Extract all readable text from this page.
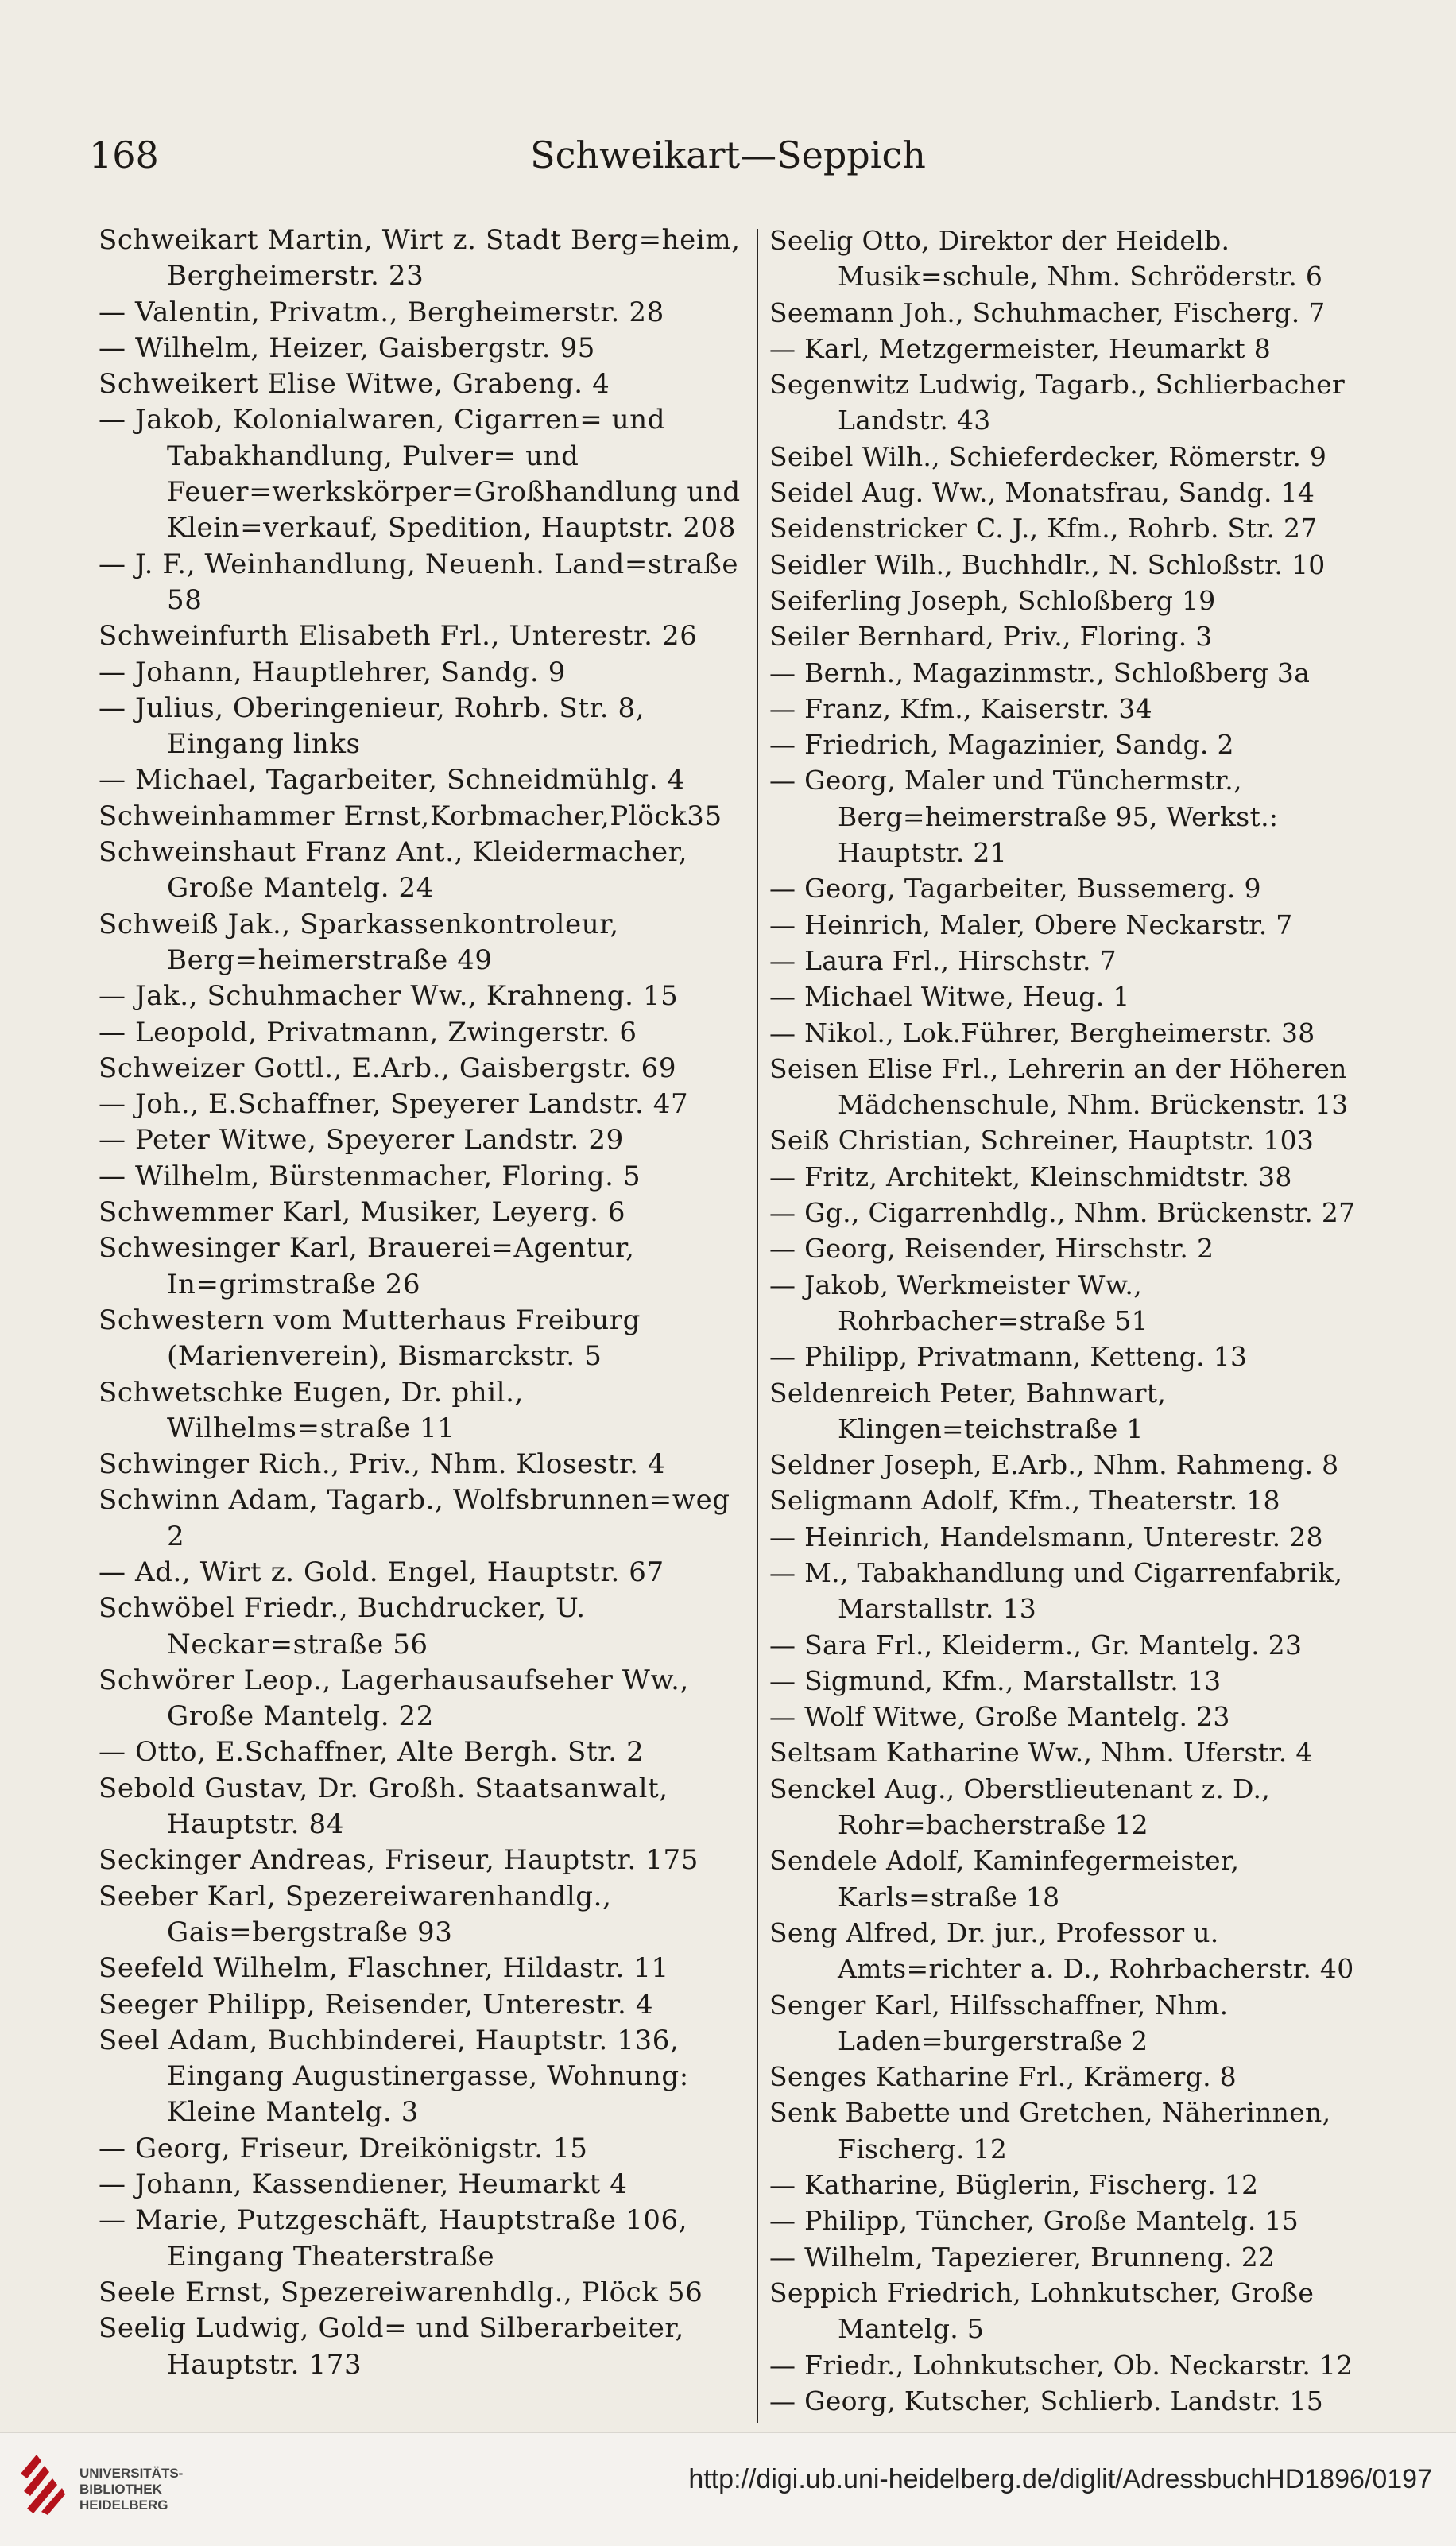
168	Schweikart—Seppich
Schweikart Martin, Wirt z. Stadt Berg=heim, Bergheimerstr. 23
— Valentin, Privatm., Bergheimerstr. 28
— Wilhelm, Heizer, Gaisbergstr. 95
Schweikert Elise Witwe, Grabeng. 4
— Jakob, Kolonialwaren, Cigarren= und Tabakhandlung, Pulver= und Feuer=werkskörper=Großhandlung und Klein=verkauf, Spedition, Hauptstr. 208
— J. F., Weinhandlung, Neuenh. Land=straße 58
Schweinfurth Elisabeth Frl., Unterestr. 26
— Johann, Hauptlehrer, Sandg. 9
— Julius, Oberingenieur, Rohrb. Str. 8, Eingang links
— Michael, Tagarbeiter, Schneidmühlg. 4
Schweinhammer Ernst,Korbmacher,Plöck35
Schweinshaut Franz Ant., Kleidermacher, Große Mantelg. 24
Schweiß Jak., Sparkassenkontroleur, Berg=heimerstraße 49
— Jak., Schuhmacher Ww., Krahneng. 15
— Leopold, Privatmann, Zwingerstr. 6
Schweizer Gottl., E.Arb., Gaisbergstr. 69
— Joh., E.Schaffner, Speyerer Landstr. 47
— Peter Witwe, Speyerer Landstr. 29
— Wilhelm, Bürstenmacher, Floring. 5
Schwemmer Karl, Musiker, Leyerg. 6
Schwesinger Karl, Brauerei=Agentur, In=grimstraße 26
Schwestern vom Mutterhaus Freiburg (Marienverein), Bismarckstr. 5
Schwetschke Eugen, Dr. phil., Wilhelms=straße 11
Schwinger Rich., Priv., Nhm. Klosestr. 4
Schwinn Adam, Tagarb., Wolfsbrunnen=weg 2
— Ad., Wirt z. Gold. Engel, Hauptstr. 67
Schwöbel Friedr., Buchdrucker, U. Neckar=straße 56
Schwörer Leop., Lagerhausaufseher Ww., Große Mantelg. 22
— Otto, E.Schaffner, Alte Bergh. Str. 2
Sebold Gustav, Dr. Großh. Staatsanwalt, Hauptstr. 84
Seckinger Andreas, Friseur, Hauptstr. 175
Seeber Karl, Spezereiwarenhandlg., Gais=bergstraße 93
Seefeld Wilhelm, Flaschner, Hildastr. 11
Seeger Philipp, Reisender, Unterestr. 4
Seel Adam, Buchbinderei, Hauptstr. 136, Eingang Augustinergasse, Wohnung: Kleine Mantelg. 3
— Georg, Friseur, Dreikönigstr. 15
— Johann, Kassendiener, Heumarkt 4
— Marie, Putzgeschäft, Hauptstraße 106, Eingang Theaterstraße
Seele Ernst, Spezereiwarenhdlg., Plöck 56
Seelig Ludwig, Gold= und Silberarbeiter, Hauptstr. 173
Seelig Otto, Direktor der Heidelb. Musik=schule, Nhm. Schröderstr. 6
Seemann Joh., Schuhmacher, Fischerg. 7
— Karl, Metzgermeister, Heumarkt 8
Segenwitz Ludwig, Tagarb., Schlierbacher Landstr. 43
Seibel Wilh., Schieferdecker, Römerstr. 9
Seidel Aug. Ww., Monatsfrau, Sandg. 14
Seidenstricker C. J., Kfm., Rohrb. Str. 27
Seidler Wilh., Buchhdlr., N. Schloßstr. 10
Seiferling Joseph, Schloßberg 19
Seiler Bernhard, Priv., Floring. 3
— Bernh., Magazinmstr., Schloßberg 3a
— Franz, Kfm., Kaiserstr. 34
— Friedrich, Magazinier, Sandg. 2
— Georg, Maler und Tünchermstr., Berg=heimerstraße 95, Werkst.: Hauptstr. 21
— Georg, Tagarbeiter, Bussemerg. 9
— Heinrich, Maler, Obere Neckarstr. 7
— Laura Frl., Hirschstr. 7
— Michael Witwe, Heug. 1
— Nikol., Lok.Führer, Bergheimerstr. 38
Seisen Elise Frl., Lehrerin an der Höheren Mädchenschule, Nhm. Brückenstr. 13
Seiß Christian, Schreiner, Hauptstr. 103
— Fritz, Architekt, Kleinschmidtstr. 38
— Gg., Cigarrenhdlg., Nhm. Brückenstr. 27
— Georg, Reisender, Hirschstr. 2
— Jakob, Werkmeister Ww., Rohrbacher=straße 51
— Philipp, Privatmann, Ketteng. 13
Seldenreich Peter, Bahnwart, Klingen=teichstraße 1
Seldner Joseph, E.Arb., Nhm. Rahmeng. 8
Seligmann Adolf, Kfm., Theaterstr. 18
— Heinrich, Handelsmann, Unterestr. 28
— M., Tabakhandlung und Cigarrenfabrik, Marstallstr. 13
— Sara Frl., Kleiderm., Gr. Mantelg. 23
— Sigmund, Kfm., Marstallstr. 13
— Wolf Witwe, Große Mantelg. 23
Seltsam Katharine Ww., Nhm. Uferstr. 4
Senckel Aug., Oberstlieutenant z. D., Rohr=bacherstraße 12
Sendele Adolf, Kaminfegermeister, Karls=straße 18
Seng Alfred, Dr. jur., Professor u. Amts=richter a. D., Rohrbacherstr. 40
Senger Karl, Hilfsschaffner, Nhm. Laden=burgerstraße 2
Senges Katharine Frl., Krämerg. 8
Senk Babette und Gretchen, Näherinnen, Fischerg. 12
— Katharine, Büglerin, Fischerg. 12
— Philipp, Tüncher, Große Mantelg. 15
— Wilhelm, Tapezierer, Brunneng. 22
Seppich Friedrich, Lohnkutscher, Große Mantelg. 5
— Friedr., Lohnkutscher, Ob. Neckarstr. 12
— Georg, Kutscher, Schlierb. Landstr. 15
UNIVERSITÄTS-
BIBLIOTHEK
HEIDELBERG
http://digi.ub.uni-heidelberg.de/diglit/AdressbuchHD1896/0197
